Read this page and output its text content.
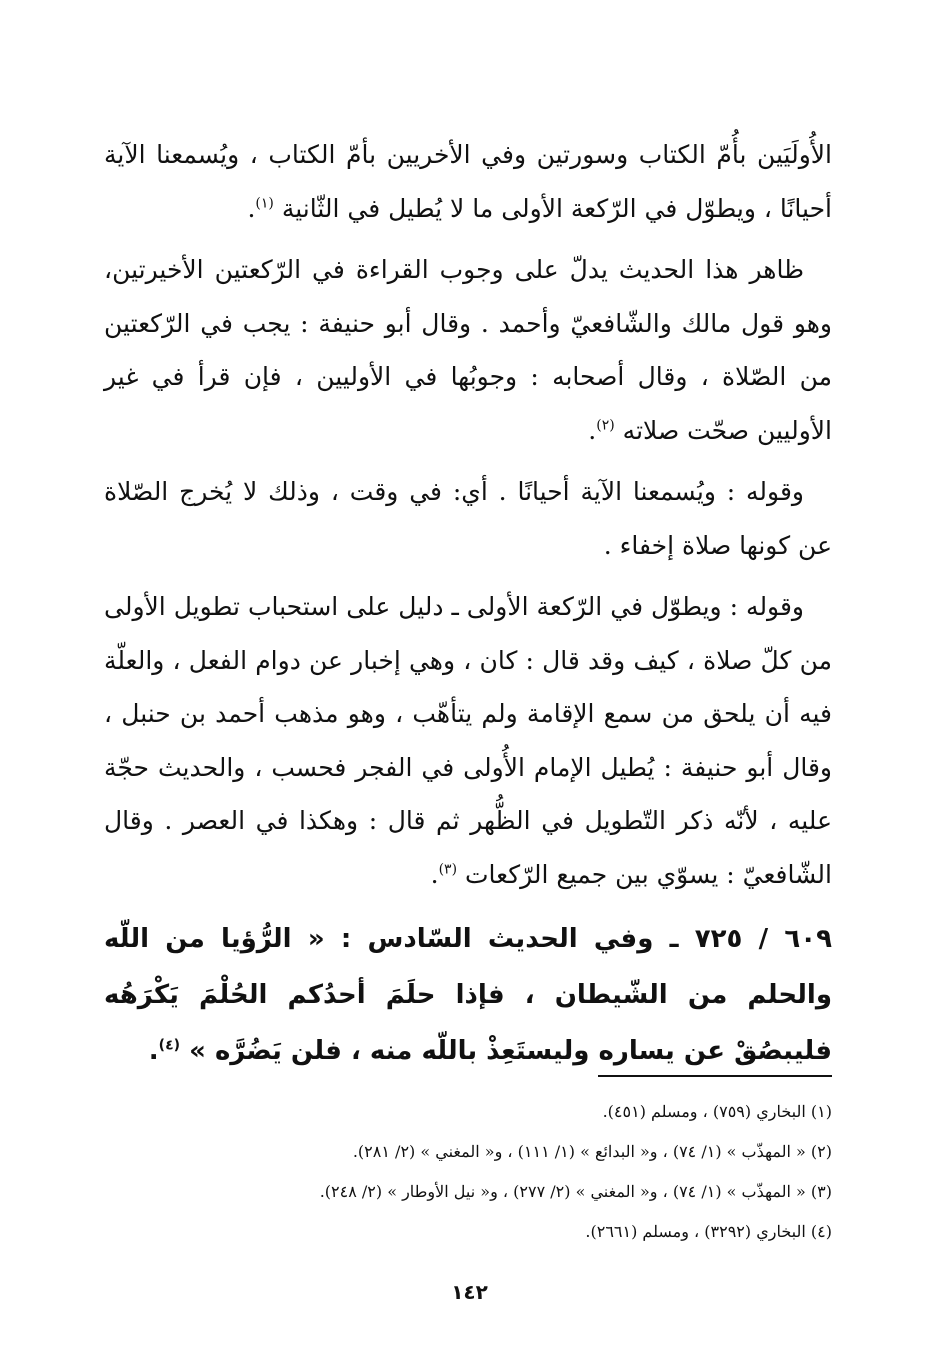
الأُولَيَين بأُمّ الكتاب وسورتين وفي الأخريين بأمّ الكتاب ، ويُسمعنا الآية أحيانًا ، ويطوّل في الرّكعة الأولى ما لا يُطيل في الثّانية $^{(١)}$.

ظاهر هذا الحديث يدلّ على وجوب القراءة في الرّكعتين الأخيرتين، وهو قول مالك والشّافعيّ وأحمد . وقال أبو حنيفة : يجب في الرّكعتين من الصّلاة ، وقال أصحابه : وجوبُها في الأوليين ، فإن قرأ في غير الأوليين صحّت صلاته $^{(٢)}$.

وقوله : ويُسمعنا الآية أحيانًا . أي: في وقت ، وذلك لا يُخرج الصّلاة عن كونها صلاة إخفاء .

وقوله : ويطوّل في الرّكعة الأولى ـ دليل على استحباب تطويل الأولى من كلّ صلاة ، كيف وقد قال : كان ، وهي إخبار عن دوام الفعل ، والعلّة فيه أن يلحق من سمع الإقامة ولم يتأهّب ، وهو مذهب أحمد بن حنبل ، وقال أبو حنيفة : يُطيل الإمام الأُولى في الفجر فحسب ، والحديث حجّة عليه ، لأنّه ذكر التّطويل في الظُّهر ثم قال : وهكذا في العصر . وقال الشّافعيّ : يسوّي بين جميع الرّكعات $^{(٣)}$.

٦٠٩ / ٧٢٥ ـ وفي الحديث السّادس : « الرُّؤيا من اللّه والحلم من الشّيطان ، فإذا حلَمَ أحدُكم الحُلْمَ يَكْرَهُه فليبصُقْ عن يساره وليستَعِذْ باللّه منه ، فلن يَضُرَّه » $^{(٤)}$.

(١) البخاري (٧٥٩) ، ومسلم (٤٥١).
(٢) « المهذّب » (١/ ٧٤) ، و« البدائع » (١/ ١١١) ، و« المغني » (٢/ ٢٨١).
(٣) « المهذّب » (١/ ٧٤) ، و« المغني » (٢/ ٢٧٧) ، و« نيل الأوطار » (٢/ ٢٤٨).
(٤) البخاري (٣٢٩٢) ، ومسلم (٢٦٦١).
١٤٢
